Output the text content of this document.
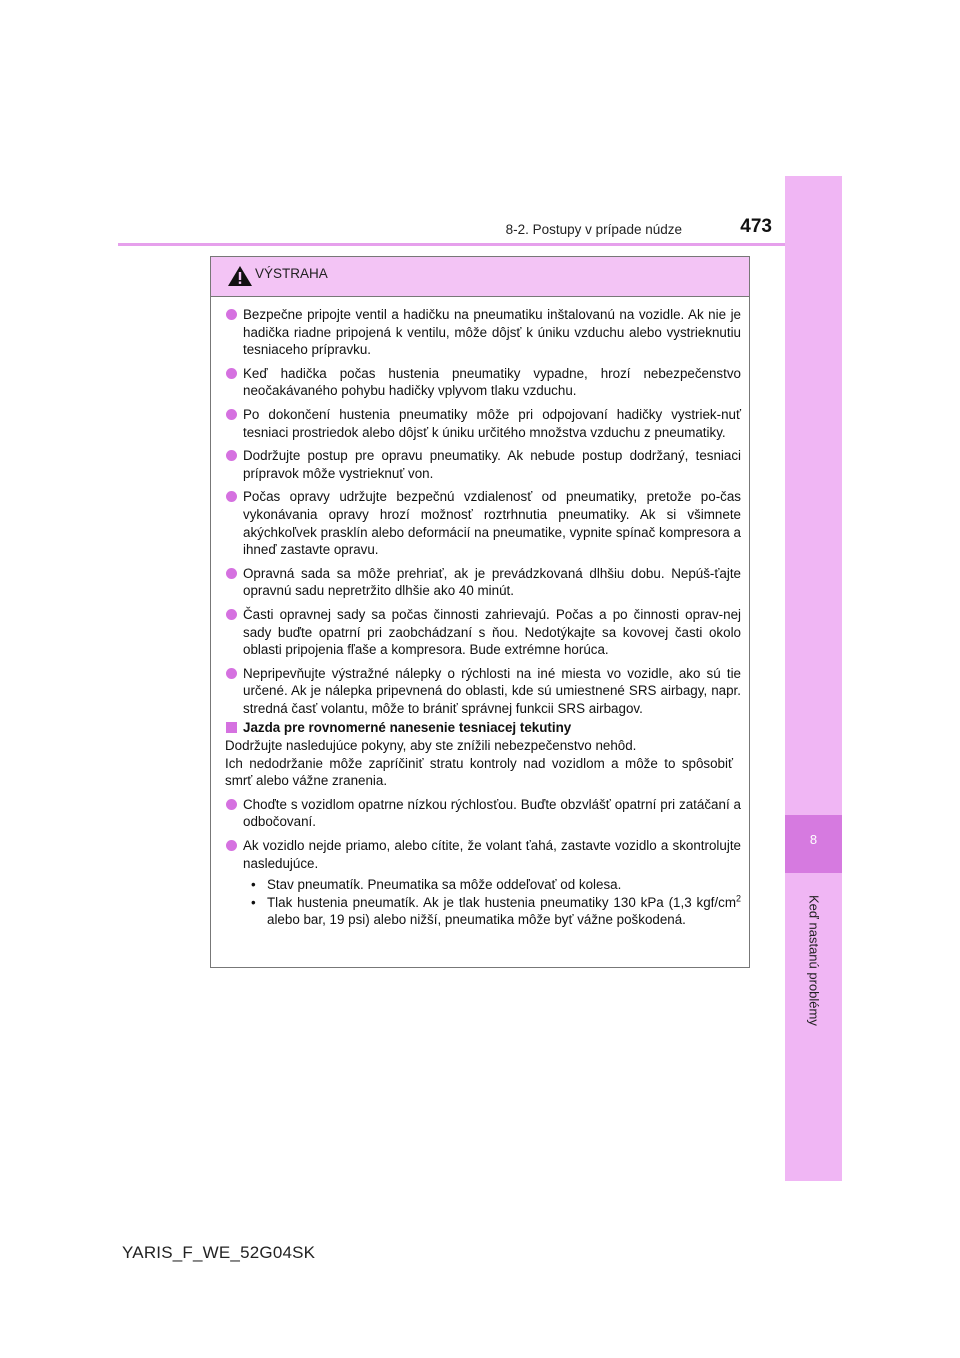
8
Keď nastanú problémy
8-2. Postupy v prípade núdze	473
VÝSTRAHA
Bezpečne pripojte ventil a hadičku na pneumatiku inštalovanú na vozidle. Ak nie je hadička riadne pripojená k ventilu, môže dôjsť k úniku vzduchu alebo vystrieknutiu tesniaceho prípravku.
Keď hadička počas hustenia pneumatiky vypadne, hrozí nebezpečenstvo neočakávaného pohybu hadičky vplyvom tlaku vzduchu.
Po dokončení hustenia pneumatiky môže pri odpojovaní hadičky vystriek-nuť tesniaci prostriedok alebo dôjsť k úniku určitého množstva vzduchu z pneumatiky.
Dodržujte postup pre opravu pneumatiky. Ak nebude postup dodržaný, tesniaci prípravok môže vystrieknuť von.
Počas opravy udržujte bezpečnú vzdialenosť od pneumatiky, pretože po-čas vykonávania opravy hrozí možnosť roztrhnutia pneumatiky. Ak si všimnete akýchkoľvek prasklín alebo deformácií na pneumatike, vypnite spínač kompresora a ihneď zastavte opravu.
Opravná sada sa môže prehriať, ak je prevádzkovaná dlhšiu dobu. Nepúš-ťajte opravnú sadu nepretržito dlhšie ako 40 minút.
Časti opravnej sady sa počas činnosti zahrievajú. Počas a po činnosti oprav-nej sady buďte opatrní pri zaobchádzaní s ňou. Nedotýkajte sa kovovej časti okolo oblasti pripojenia fľaše a kompresora. Bude extrémne horúca.
Nepripevňujte výstražné nálepky o rýchlosti na iné miesta vo vozidle, ako sú tie určené. Ak je nálepka pripevnená do oblasti, kde sú umiestnené SRS airbagy, napr. stredná časť volantu, môže to brániť správnej funkcii SRS airbagov.
Jazda pre rovnomerné nanesenie tesniacej tekutiny
Dodržujte nasledujúce pokyny, aby ste znížili nebezpečenstvo nehôd.
Ich nedodržanie môže zapríčiniť stratu kontroly nad vozidlom a môže to spôsobiť smrť alebo vážne zranenia.
Choďte s vozidlom opatrne nízkou rýchlosťou. Buďte obzvlášť opatrní pri zatáčaní a odbočovaní.
Ak vozidlo nejde priamo, alebo cítite, že volant ťahá, zastavte vozidlo a skontrolujte nasledujúce.
• Stav pneumatík. Pneumatika sa môže oddeľovať od kolesa.
• Tlak hustenia pneumatík. Ak je tlak hustenia pneumatiky 130 kPa (1,3 kgf/$cm^2$ alebo bar, 19 psi) alebo nižší, pneumatika môže byť vážne poškodená.
YARIS_F_WE_52G04SK
